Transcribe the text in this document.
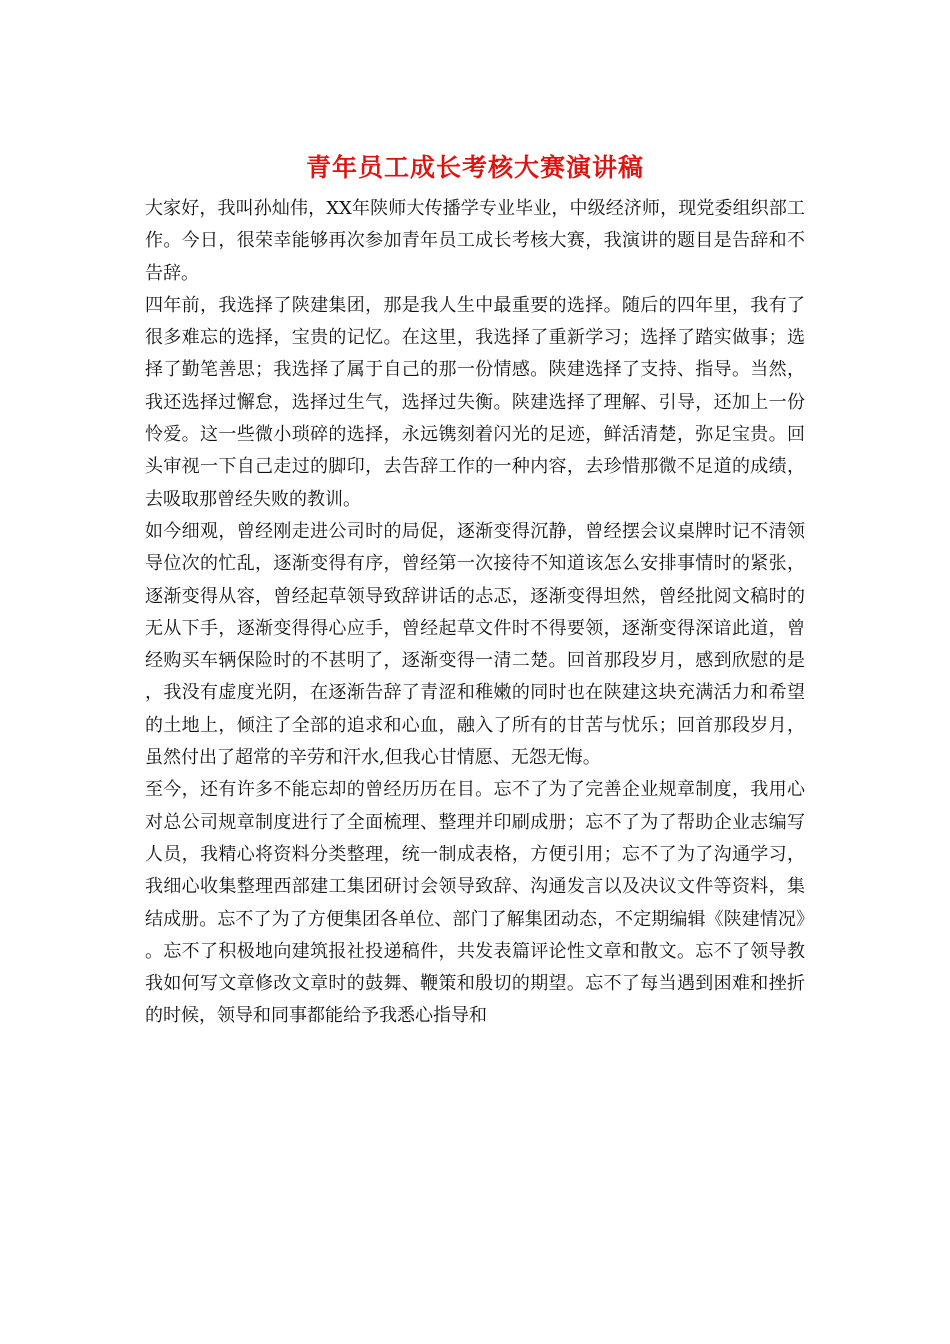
青年员工成长考核大赛演讲稿

大家好，我叫孙灿伟，XX年陕师大传播学专业毕业，中级经济师，现党委组织部工作。今日，很荣幸能够再次参加青年员工成长考核大赛，我演讲的题目是告辞和不告辞。

四年前，我选择了陕建集团，那是我人生中最重要的选择。随后的四年里，我有了很多难忘的选择，宝贵的记忆。在这里，我选择了重新学习；选择了踏实做事；选择了勤笔善思；我选择了属于自己的那一份情感。陕建选择了支持、指导。当然，我还选择过懈怠，选择过生气，选择过失衡。陕建选择了理解、引导，还加上一份怜爱。这一些微小琐碎的选择，永远镌刻着闪光的足迹，鲜活清楚，弥足宝贵。回头审视一下自己走过的脚印，去告辞工作的一种内容，去珍惜那微不足道的成绩，去吸取那曾经失败的教训。

如今细观，曾经刚走进公司时的局促，逐渐变得沉静，曾经摆会议桌牌时记不清领导位次的忙乱，逐渐变得有序，曾经第一次接待不知道该怎么安排事情时的紧张，逐渐变得从容，曾经起草领导致辞讲话的忐忑，逐渐变得坦然，曾经批阅文稿时的无从下手，逐渐变得得心应手，曾经起草文件时不得要领，逐渐变得深谙此道，曾经购买车辆保险时的不甚明了，逐渐变得一清二楚。回首那段岁月，感到欣慰的是，我没有虚度光阴，在逐渐告辞了青涩和稚嫩的同时也在陕建这块充满活力和希望的土地上，倾注了全部的追求和心血，融入了所有的甘苦与忧乐；回首那段岁月，虽然付出了超常的辛劳和汗水,但我心甘情愿、无怨无悔。

至今，还有许多不能忘却的曾经历历在目。忘不了为了完善企业规章制度，我用心对总公司规章制度进行了全面梳理、整理并印刷成册；忘不了为了帮助企业志编写人员，我精心将资料分类整理，统一制成表格，方便引用；忘不了为了沟通学习，我细心收集整理西部建工集团研讨会领导致辞、沟通发言以及决议文件等资料，集结成册。忘不了为了方便集团各单位、部门了解集团动态，不定期编辑《陕建情况》。忘不了积极地向建筑报社投递稿件，共发表篇评论性文章和散文。忘不了领导教我如何写文章修改文章时的鼓舞、鞭策和殷切的期望。忘不了每当遇到困难和挫折的时候，领导和同事都能给予我悉心指导和
